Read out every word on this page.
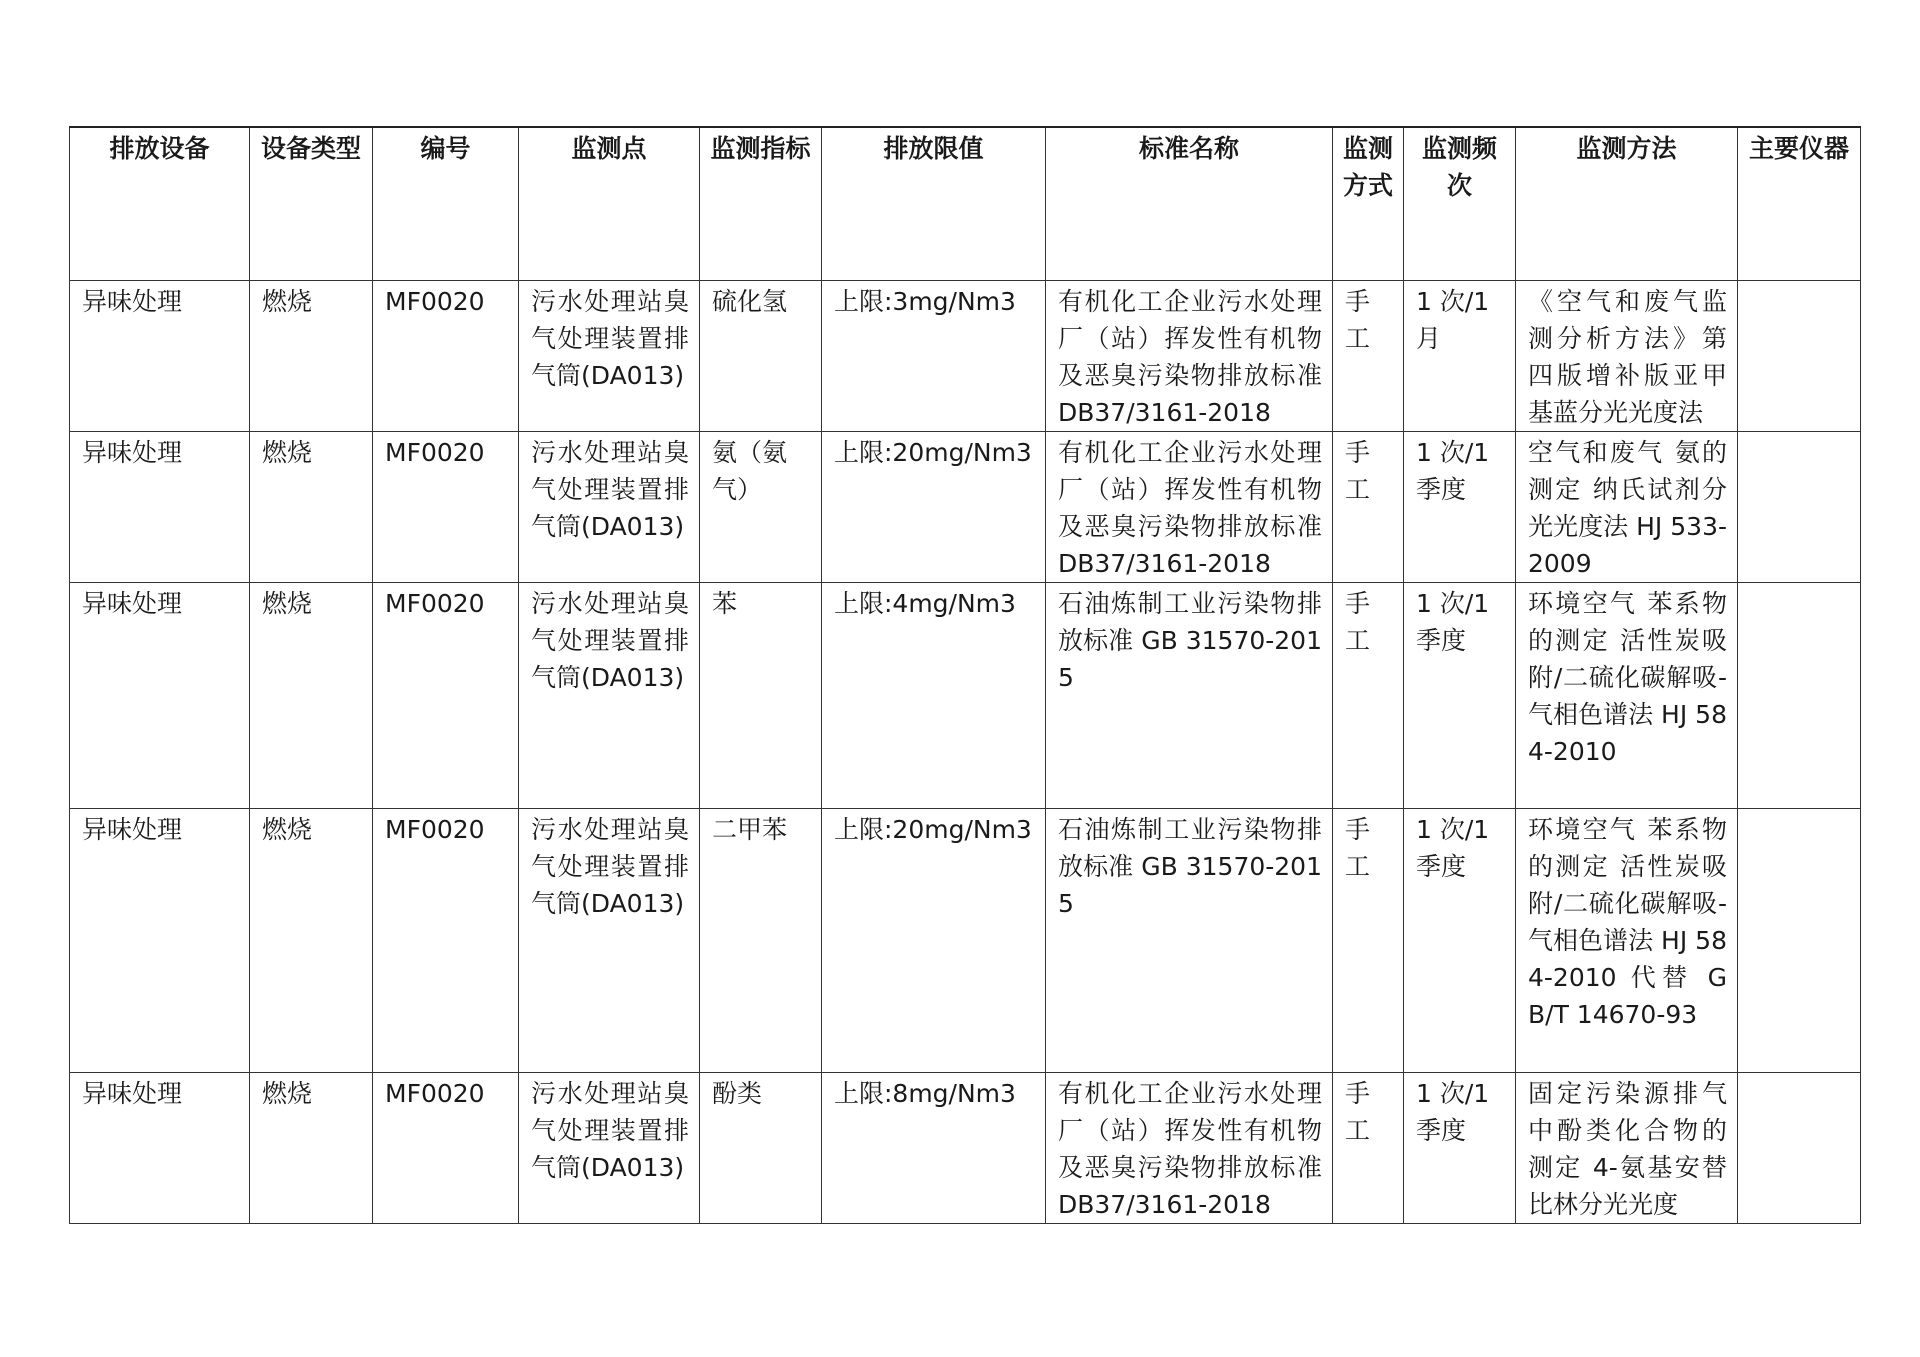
排放设备	设备类型	编号	监测点	监测指标	排放限值	标准名称	监测方式	监测频次	监测方法	主要仪器
异味处理	燃烧	MF0020	污水处理站臭气处理装置排气筒(DA013)	硫化氢	上限:3mg/Nm3	有机化工企业污水处理厂（站）挥发性有机物及恶臭污染物排放标准 DB37/3161-2018	手工	1 次/1 月	《空气和废气监测分析方法》第四版增补版亚甲基蓝分光光度法	
异味处理	燃烧	MF0020	污水处理站臭气处理装置排气筒(DA013)	氨（氨气）	上限:20mg/Nm3	有机化工企业污水处理厂（站）挥发性有机物及恶臭污染物排放标准 DB37/3161-2018	手工	1 次/1 季度	空气和废气 氨的测定 纳氏试剂分光光度法 HJ 533-2009	
异味处理	燃烧	MF0020	污水处理站臭气处理装置排气筒(DA013)	苯	上限:4mg/Nm3	石油炼制工业污染物排放标准 GB 31570-2015	手工	1 次/1 季度	环境空气 苯系物的测定 活性炭吸附/二硫化碳解吸-气相色谱法 HJ 584-2010	
异味处理	燃烧	MF0020	污水处理站臭气处理装置排气筒(DA013)	二甲苯	上限:20mg/Nm3	石油炼制工业污染物排放标准 GB 31570-2015	手工	1 次/1 季度	环境空气 苯系物的测定 活性炭吸附/二硫化碳解吸-气相色谱法 HJ 584-2010 代替 GB/T 14670-93	
异味处理	燃烧	MF0020	污水处理站臭气处理装置排气筒(DA013)	酚类	上限:8mg/Nm3	有机化工企业污水处理厂（站）挥发性有机物及恶臭污染物排放标准 DB37/3161-2018	手工	1 次/1 季度	固定污染源排气中酚类化合物的测定 4-氨基安替比林分光光度	
